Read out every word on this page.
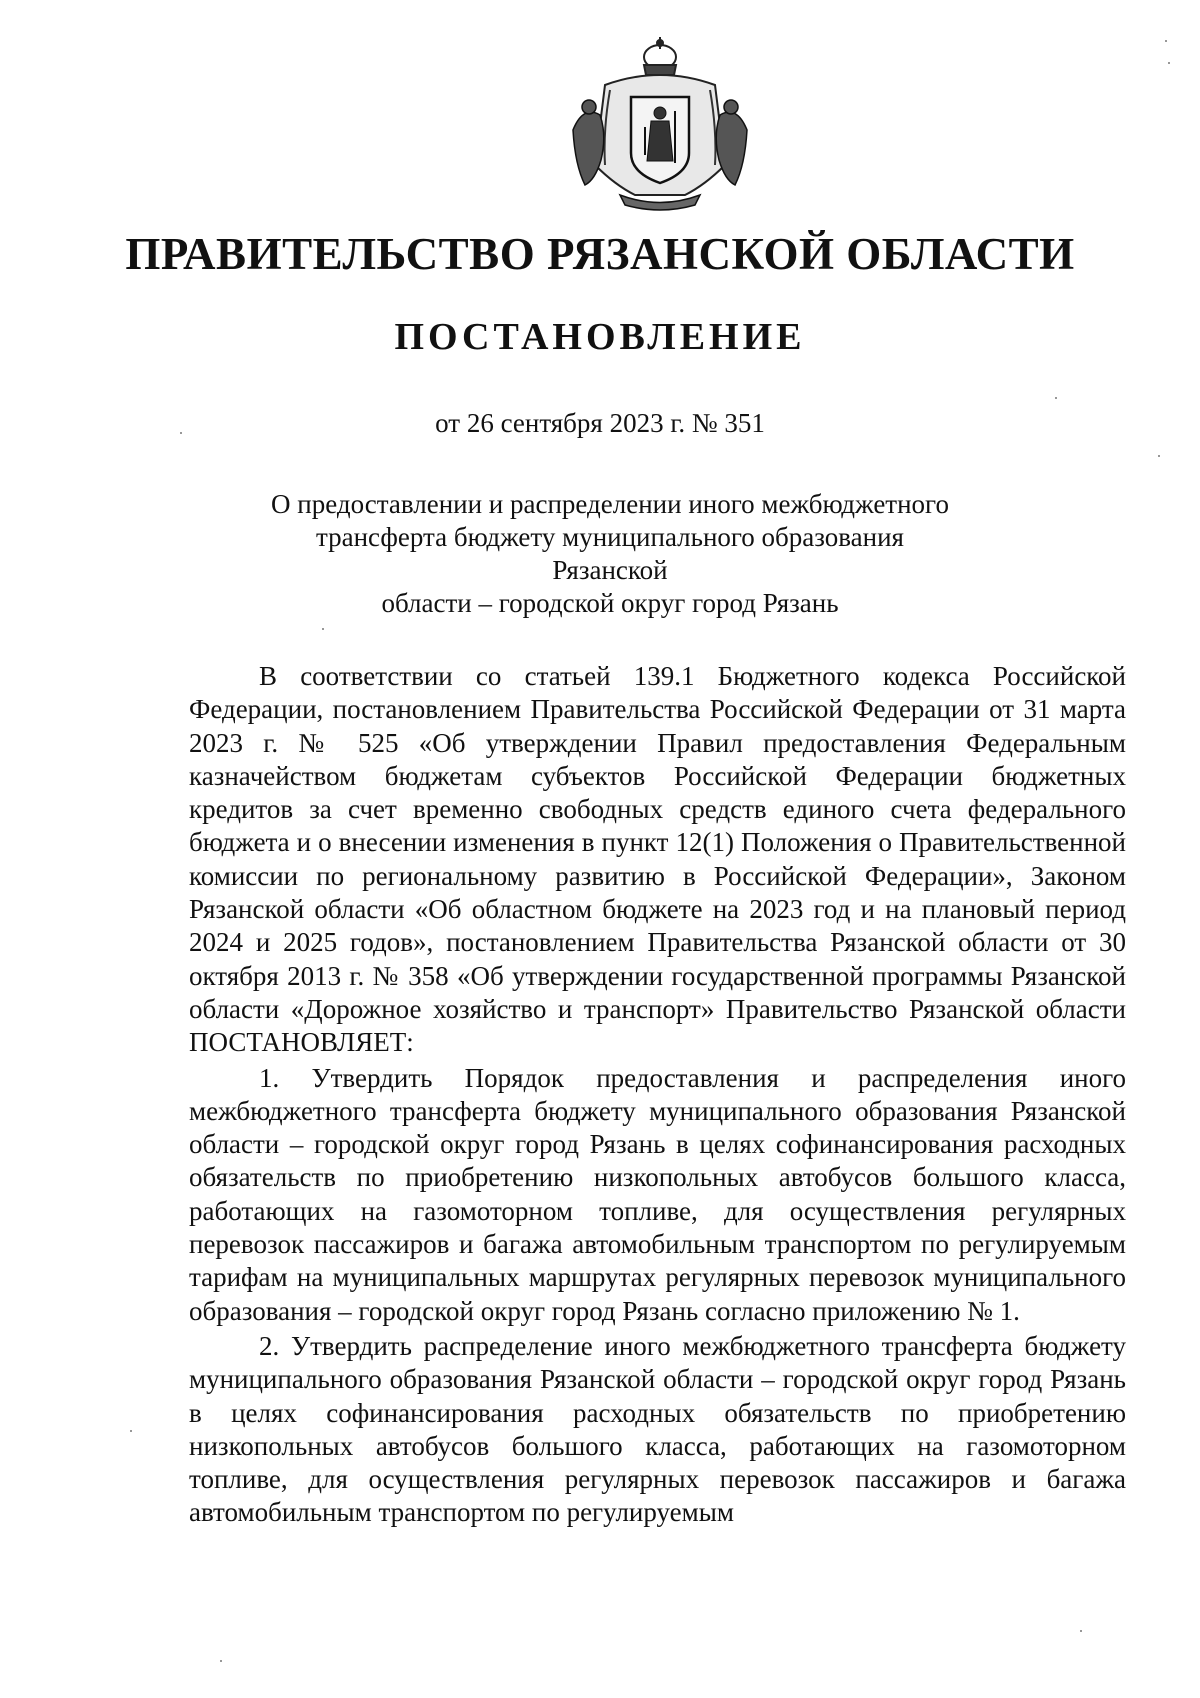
ПРАВИТЕЛЬСТВО РЯЗАНСКОЙ ОБЛАСТИ
ПОСТАНОВЛЕНИЕ
от 26 сентября 2023 г. № 351
О предоставлении и распределении иного межбюджетного
трансферта бюджету муниципального образования Рязанской
области – городской округ город Рязань

В соответствии со статьей 139.1 Бюджетного кодекса Российской Федерации, постановлением Правительства Российской Федерации от 31 марта 2023 г. № 525 «Об утверждении Правил предоставления Федеральным казначейством бюджетам субъектов Российской Федерации бюджетных кредитов за счет временно свободных средств единого счета федерального бюджета и о внесении изменения в пункт 12(1) Положения о Правительственной комиссии по региональному развитию в Российской Федерации», Законом Рязанской области «Об областном бюджете на 2023 год и на плановый период 2024 и 2025 годов», постановлением Правительства Рязанской области от 30 октября 2013 г. № 358 «Об утверждении государственной программы Рязанской области «Дорожное хозяйство и транспорт» Правительство Рязанской области ПОСТАНОВЛЯЕТ:

1. Утвердить Порядок предоставления и распределения иного межбюджетного трансферта бюджету муниципального образования Рязанской области – городской округ город Рязань в целях софинансирования расходных обязательств по приобретению низкопольных автобусов большого класса, работающих на газомоторном топливе, для осуществления регулярных перевозок пассажиров и багажа автомобильным транспортом по регулируемым тарифам на муниципальных маршрутах регулярных перевозок муниципального образования – городской округ город Рязань согласно приложению № 1.

2. Утвердить распределение иного межбюджетного трансферта бюджету муниципального образования Рязанской области – городской округ город Рязань в целях софинансирования расходных обязательств по приобретению низкопольных автобусов большого класса, работающих на газомоторном топливе, для осуществления регулярных перевозок пассажиров и багажа автомобильным транспортом по регулируемым
